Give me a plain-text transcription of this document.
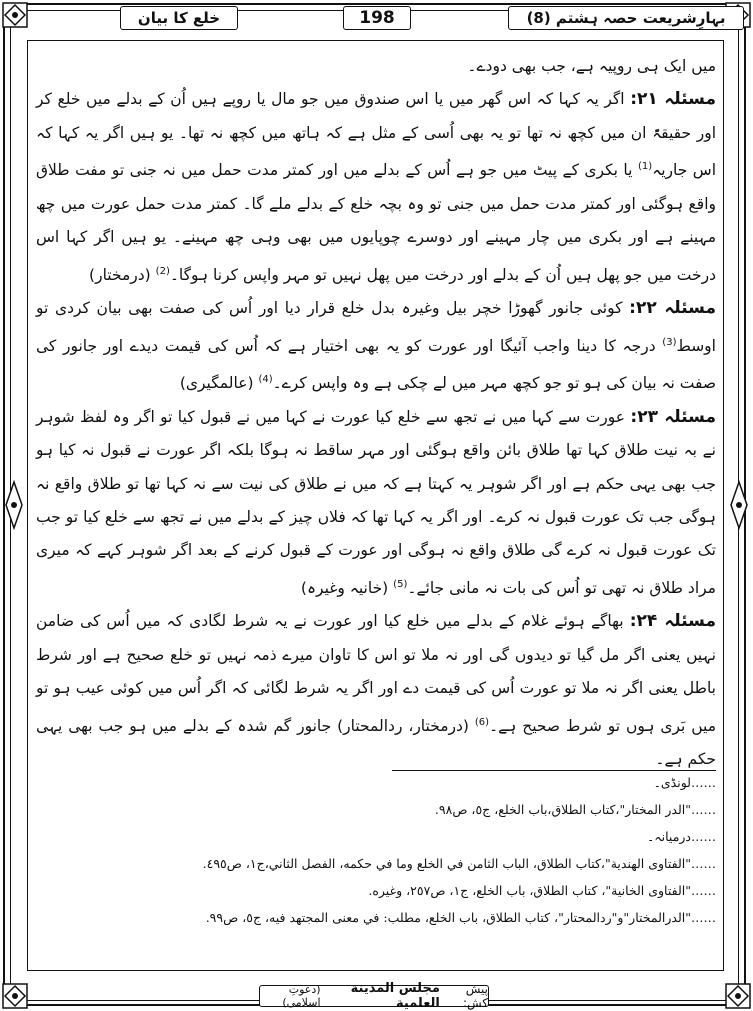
خلع کا بیان	198	بہارِشریعت حصہ ہشتم (8)

میں ایک ہی روپیہ ہے، جب بھی دودے۔

مسئلہ ۲۱: اگر یہ کہا کہ اس گھر میں یا اس صندوق میں جو مال یا روپے ہیں اُن کے بدلے میں خلع کر اور حقیقۃً ان میں کچھ نہ تھا تو یہ بھی اُسی کے مثل ہے کہ ہاتھ میں کچھ نہ تھا۔ یو ہیں اگر یہ کہا کہ اس جاریہ$^{(1)}$ یا بکری کے پیٹ میں جو ہے اُس کے بدلے میں اور کمتر مدت حمل میں نہ جنی تو مفت طلاق واقع ہوگئی اور کمتر مدت حمل میں جنی تو وہ بچہ خلع کے بدلے ملے گا۔ کمتر مدت حمل عورت میں چھ مہینے ہے اور بکری میں چار مہینے اور دوسرے چوپایوں میں بھی وہی چھ مہینے۔ یو ہیں اگر کہا اس درخت میں جو پھل ہیں اُن کے بدلے اور درخت میں پھل نہیں تو مہر واپس کرنا ہوگا۔$^{(2)}$ (درمختار)

مسئلہ ۲۲: کوئی جانور گھوڑا خچر بیل وغیرہ بدل خلع قرار دیا اور اُس کی صفت بھی بیان کردی تو اوسط$^{(3)}$ درجہ کا دینا واجب آئیگا اور عورت کو یہ بھی اختیار ہے کہ اُس کی قیمت دیدے اور جانور کی صفت نہ بیان کی ہو تو جو کچھ مہر میں لے چکی ہے وہ واپس کرے۔$^{(4)}$ (عالمگیری)

مسئلہ ۲۳: عورت سے کہا میں نے تجھ سے خلع کیا عورت نے کہا میں نے قبول کیا تو اگر وہ لفظ شوہر نے بہ نیت طلاق کہا تھا طلاق بائن واقع ہوگئی اور مہر ساقط نہ ہوگا بلکہ اگر عورت نے قبول نہ کیا ہو جب بھی یہی حکم ہے اور اگر شوہر یہ کہتا ہے کہ میں نے طلاق کی نیت سے نہ کہا تھا تو طلاق واقع نہ ہوگی جب تک عورت قبول نہ کرے۔ اور اگر یہ کہا تھا کہ فلاں چیز کے بدلے میں نے تجھ سے خلع کیا تو جب تک عورت قبول نہ کرے گی طلاق واقع نہ ہوگی اور عورت کے قبول کرنے کے بعد اگر شوہر کہے کہ میری مراد طلاق نہ تھی تو اُس کی بات نہ مانی جائے۔$^{(5)}$ (خانیہ وغیرہ)

مسئلہ ۲۴: بھاگے ہوئے غلام کے بدلے میں خلع کیا اور عورت نے یہ شرط لگادی کہ میں اُس کی ضامن نہیں یعنی اگر مل گیا تو دیدوں گی اور نہ ملا تو اس کا تاوان میرے ذمہ نہیں تو خلع صحیح ہے اور شرط باطل یعنی اگر نہ ملا تو عورت اُس کی قیمت دے اور اگر یہ شرط لگائی کہ اگر اُس میں کوئی عیب ہو تو میں بَری ہوں تو شرط صحیح ہے۔$^{(6)}$ (درمختار، ردالمحتار) جانور گم شدہ کے بدلے میں ہو جب بھی یہی حکم ہے۔

……لونڈی۔
……"الدر المختار"،كتاب الطلاق،باب الخلع، ج٥، ص٩٨.
……درمیانہ۔
……"الفتاوى الهندية"،كتاب الطلاق، الباب الثامن في الخلع وما في حكمه، الفصل الثاني،ج١، ص٤٩٥.
……"الفتاوى الخانية"، كتاب الطلاق، باب الخلع، ج١، ص٢٥٧، وغيره.
……"الدرالمختار"و"ردالمحتار"، كتاب الطلاق، باب الخلع، مطلب: في معنى المجتهد فيه، ج٥، ص٩٩.
پیش کش:
مجلس المدينة العلمية
(دعوتِ اسلامی)
